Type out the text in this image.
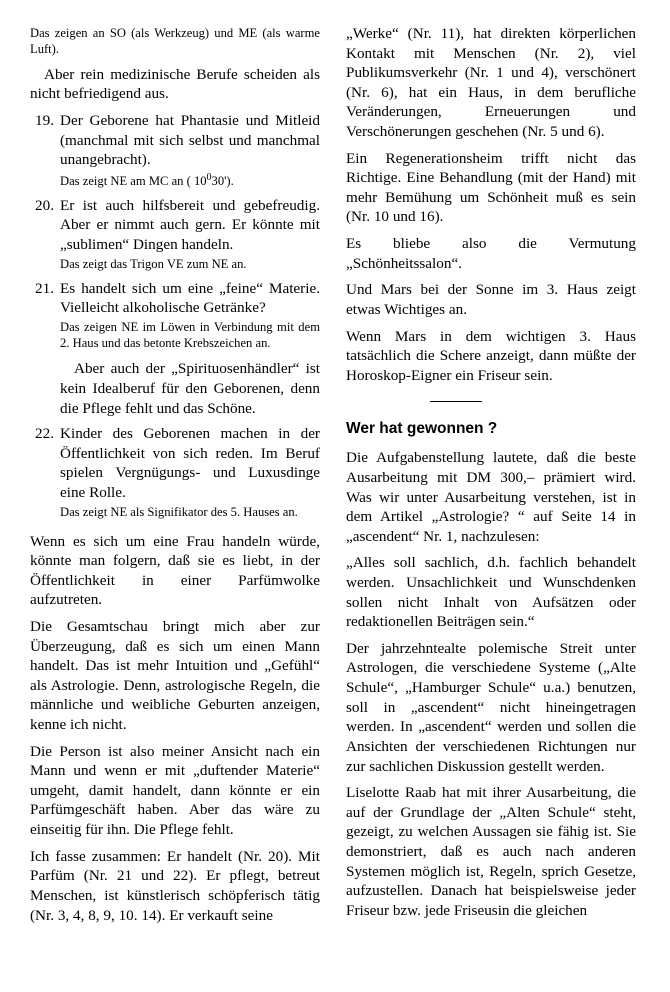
Das zeigen an SO (als Werkzeug) und ME (als warme Luft).

Aber rein medizinische Berufe scheiden als nicht befriedigend aus.

19. Der Geborene hat Phantasie und Mitleid (manchmal mit sich selbst und manchmal unangebracht).
Das zeigt NE am MC an ( $10^030'$).
20. Er ist auch hilfsbereit und gebefreudig. Aber er nimmt auch gern. Er könnte mit „sublimen“ Dingen handeln.
Das zeigt das Trigon VE zum NE an.
21. Es handelt sich um eine „feine“ Materie. Vielleicht alkoholische Getränke?
Das zeigen NE im Löwen in Verbindung mit dem 2. Haus und das betonte Krebszeichen an.
Aber auch der „Spirituosenhändler“ ist kein Idealberuf für den Geborenen, denn die Pflege fehlt und das Schöne.
22. Kinder des Geborenen machen in der Öffentlichkeit von sich reden. Im Beruf spielen Vergnügungs- und Luxusdinge eine Rolle.
Das zeigt NE als Signifikator des 5. Hauses an.

Wenn es sich um eine Frau handeln würde, könnte man folgern, daß sie es liebt, in der Öffentlichkeit in einer Parfümwolke aufzutreten.

Die Gesamtschau bringt mich aber zur Überzeugung, daß es sich um einen Mann handelt. Das ist mehr Intuition und „Gefühl“ als Astrologie. Denn, astrologische Regeln, die männliche und weibliche Geburten anzeigen, kenne ich nicht.

Die Person ist also meiner Ansicht nach ein Mann und wenn er mit „duftender Materie“ umgeht, damit handelt, dann könnte er ein Parfümgeschäft haben. Aber das wäre zu einseitig für ihn. Die Pflege fehlt.

Ich fasse zusammen: Er handelt (Nr. 20). Mit Parfüm (Nr. 21 und 22). Er pflegt, betreut Menschen, ist künstlerisch schöpferisch tätig (Nr. 3, 4, 8, 9, 10. 14). Er verkauft seine

„Werke“ (Nr. 11), hat direkten körperlichen Kontakt mit Menschen (Nr. 2), viel Publikumsverkehr (Nr. 1 und 4), verschönert (Nr. 6), hat ein Haus, in dem berufliche Veränderungen, Erneuerungen und Verschönerungen geschehen (Nr. 5 und 6).

Ein Regenerationsheim trifft nicht das Richtige. Eine Behandlung (mit der Hand) mit mehr Bemühung um Schönheit muß es sein (Nr. 10 und 16).

Es bliebe also die Vermutung „Schönheitssalon“.

Und Mars bei der Sonne im 3. Haus zeigt etwas Wichtiges an.

Wenn Mars in dem wichtigen 3. Haus tatsächlich die Schere anzeigt, dann müßte der Horoskop-Eigner ein Friseur sein.

Wer hat gewonnen ?

Die Aufgabenstellung lautete, daß die beste Ausarbeitung mit DM 300,– prämiert wird. Was wir unter Ausarbeitung verstehen, ist in dem Artikel „Astrologie? “ auf Seite 14 in „ascendent“ Nr. 1, nachzulesen:

„Alles soll sachlich, d.h. fachlich behandelt werden. Unsachlichkeit und Wunschdenken sollen nicht Inhalt von Aufsätzen oder redaktionellen Beiträgen sein.“

Der jahrzehntealte polemische Streit unter Astrologen, die verschiedene Systeme („Alte Schule“, „Hamburger Schule“ u.a.) benutzen, soll in „ascendent“ nicht hineingetragen werden. In „ascendent“ werden und sollen die Ansichten der verschiedenen Richtungen nur zur sachlichen Diskussion gestellt werden.

Liselotte Raab hat mit ihrer Ausarbeitung, die auf der Grundlage der „Alten Schule“ steht, gezeigt, zu welchen Aussagen sie fähig ist. Sie demonstriert, daß es auch nach anderen Systemen möglich ist, Regeln, sprich Gesetze, aufzustellen. Danach hat beispielsweise jeder Friseur bzw. jede Friseusin die gleichen
